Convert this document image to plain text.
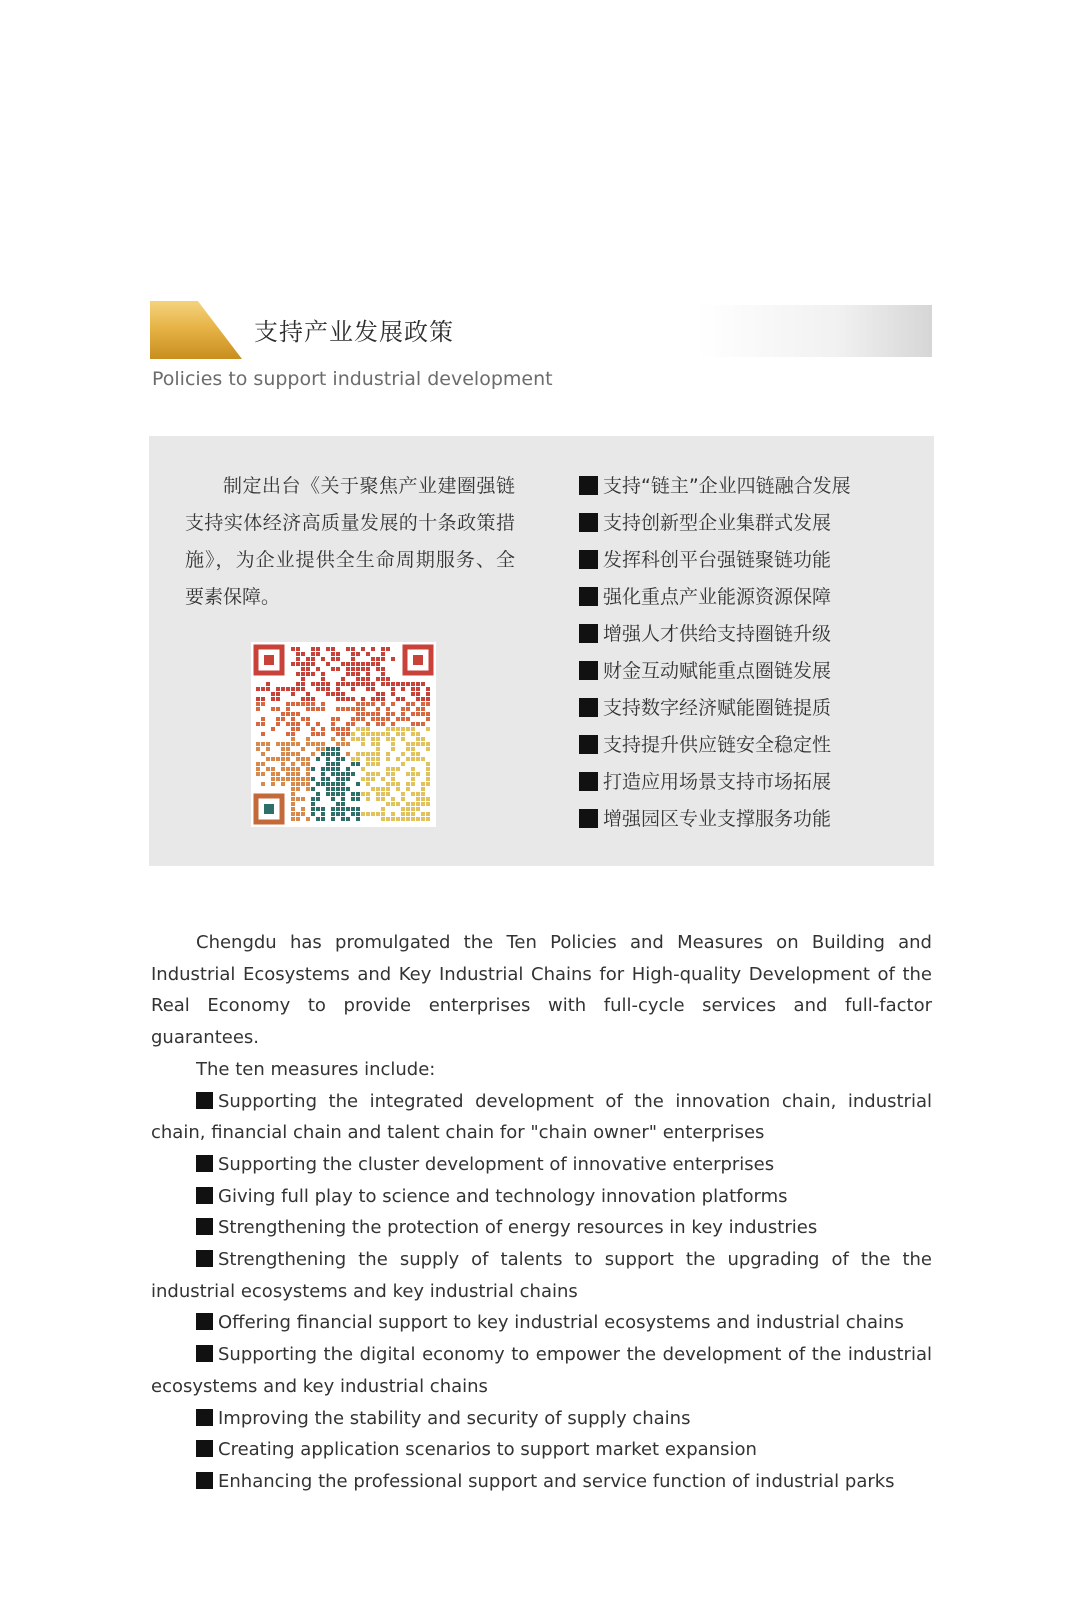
支持产业发展政策
Policies to support industrial development
制定出台《关于聚焦产业建圈强链支持实体经济高质量发展的十条政策措施》，为企业提供全生命周期服务、全要素保障。
支持“链主”企业四链融合发展
支持创新型企业集群式发展
发挥科创平台强链聚链功能
强化重点产业能源资源保障
增强人才供给支持圈链升级
财金互动赋能重点圈链发展
支持数字经济赋能圈链提质
支持提升供应链安全稳定性
打造应用场景支持市场拓展
增强园区专业支撑服务功能

Chengdu has promulgated the Ten Policies and Measures on Building and Industrial Ecosystems and Key Industrial Chains for High-quality Development of the Real Economy to provide enterprises with full-cycle services and full-factor guarantees.

The ten measures include:

Supporting the integrated development of the innovation chain, industrial chain, financial chain and talent chain for "chain owner" enterprises

Supporting the cluster development of innovative enterprises

Giving full play to science and technology innovation platforms

Strengthening the protection of energy resources in key industries

Strengthening the supply of talents to support the upgrading of the the industrial ecosystems and key industrial chains

Offering financial support to key industrial ecosystems and industrial chains

Supporting the digital economy to empower the development of the industrial ecosystems and key industrial chains

Improving the stability and security of supply chains

Creating application scenarios to support market expansion

Enhancing the professional support and service function of industrial parks
